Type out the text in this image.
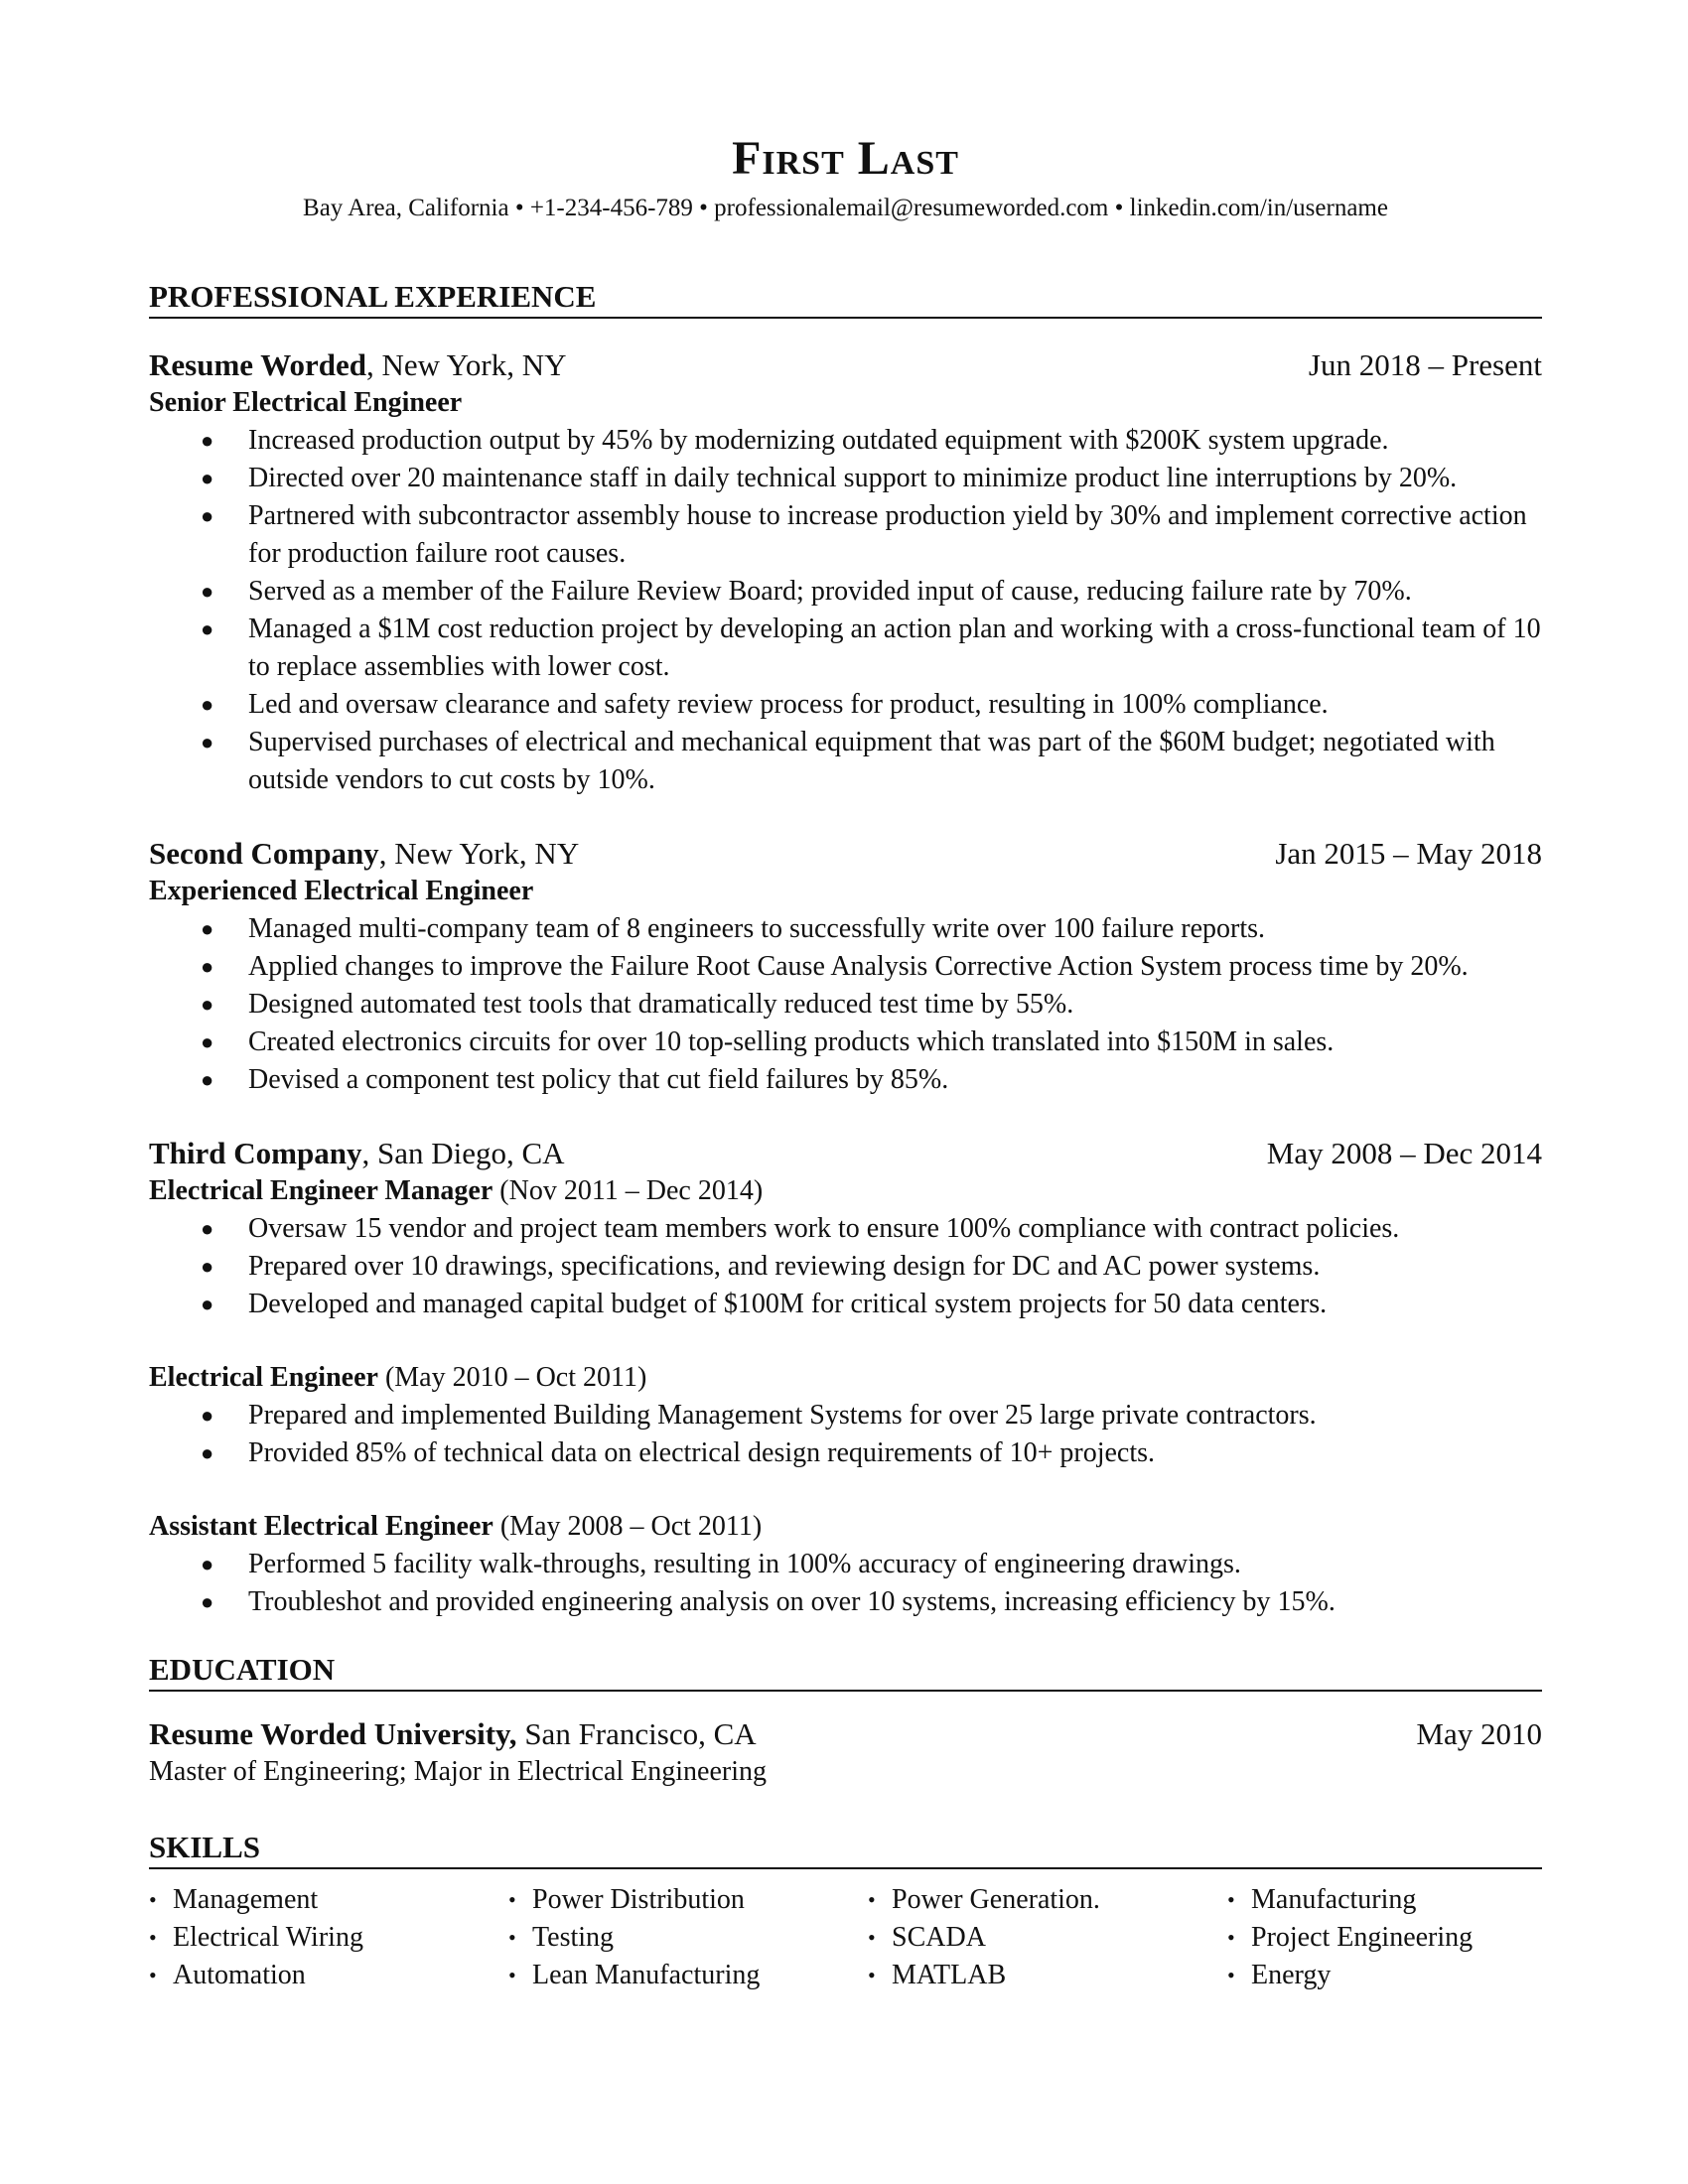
First Last
Bay Area, California • +1-234-456-789 • professionalemail@resumeworded.com • linkedin.com/in/username
PROFESSIONAL EXPERIENCE
Resume Worded, New York, NY	Jun 2018 – Present
Senior Electrical Engineer
● Increased production output by 45% by modernizing outdated equipment with $200K system upgrade.
● Directed over 20 maintenance staff in daily technical support to minimize product line interruptions by 20%.
● Partnered with subcontractor assembly house to increase production yield by 30% and implement corrective action for production failure root causes.
● Served as a member of the Failure Review Board; provided input of cause, reducing failure rate by 70%.
● Managed a $1M cost reduction project by developing an action plan and working with a cross-functional team of 10 to replace assemblies with lower cost.
● Led and oversaw clearance and safety review process for product, resulting in 100% compliance.
● Supervised purchases of electrical and mechanical equipment that was part of the $60M budget; negotiated with outside vendors to cut costs by 10%.
Second Company, New York, NY	Jan 2015 – May 2018
Experienced Electrical Engineer
● Managed multi-company team of 8 engineers to successfully write over 100 failure reports.
● Applied changes to improve the Failure Root Cause Analysis Corrective Action System process time by 20%.
● Designed automated test tools that dramatically reduced test time by 55%.
● Created electronics circuits for over 10 top-selling products which translated into $150M in sales.
● Devised a component test policy that cut field failures by 85%.
Third Company, San Diego, CA	May 2008 – Dec 2014
Electrical Engineer Manager (Nov 2011 – Dec 2014)
● Oversaw 15 vendor and project team members work to ensure 100% compliance with contract policies.
● Prepared over 10 drawings, specifications, and reviewing design for DC and AC power systems.
● Developed and managed capital budget of $100M for critical system projects for 50 data centers.
Electrical Engineer (May 2010 – Oct 2011)
● Prepared and implemented Building Management Systems for over 25 large private contractors.
● Provided 85% of technical data on electrical design requirements of 10+ projects.
Assistant Electrical Engineer (May 2008 – Oct 2011)
● Performed 5 facility walk-throughs, resulting in 100% accuracy of engineering drawings.
● Troubleshot and provided engineering analysis on over 10 systems, increasing efficiency by 15%.
EDUCATION
Resume Worded University, San Francisco, CA	May 2010
Master of Engineering; Major in Electrical Engineering
SKILLS
• Management
• Electrical Wiring
• Automation
• Power Distribution
• Testing
• Lean Manufacturing
• Power Generation.
• SCADA
• MATLAB
• Manufacturing
• Project Engineering
• Energy
